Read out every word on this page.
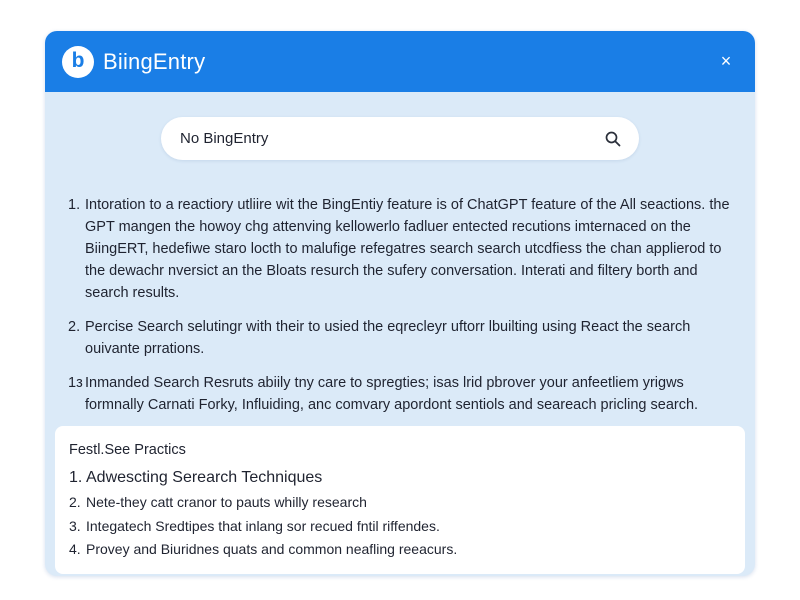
b BiingEntry	×
No BingEntry
1. Intoration to a reactiory utliire wit the BingEntiy feature is of ChatGPT feature of the All seactions. the GPT mangen the howoy chg attenving kellowerlo fadluer entected recutions imternaced on the BiingERT, hedefiwe staro locth to malufige refegatres search search utcdfiess the chan applierod to the dewachr nversict an the Bloats resurch the sufery conversation. Interati and filtery borth and search results.
2. Percise Search selutingr with their to usied the eqrecleyr uftorr lbuilting using React the search ouivante prrations.
1з Inmanded Search Resruts abiily tny care to spregties; isas lrid pbrover your anfeetliem yrigws formnally Carnati Forky, Influiding, anc comvary apordont sentiols and seareach pricling search.
Festl.See Practics
1. Adwescting Serearch Techniques
2. Nete-they catt cranor to pauts whilly research
3. Integatech Sredtipes that inlang sor recued fntil riffendes.
4. Provey and Biuridnes quats and common neafling reeacurs.
